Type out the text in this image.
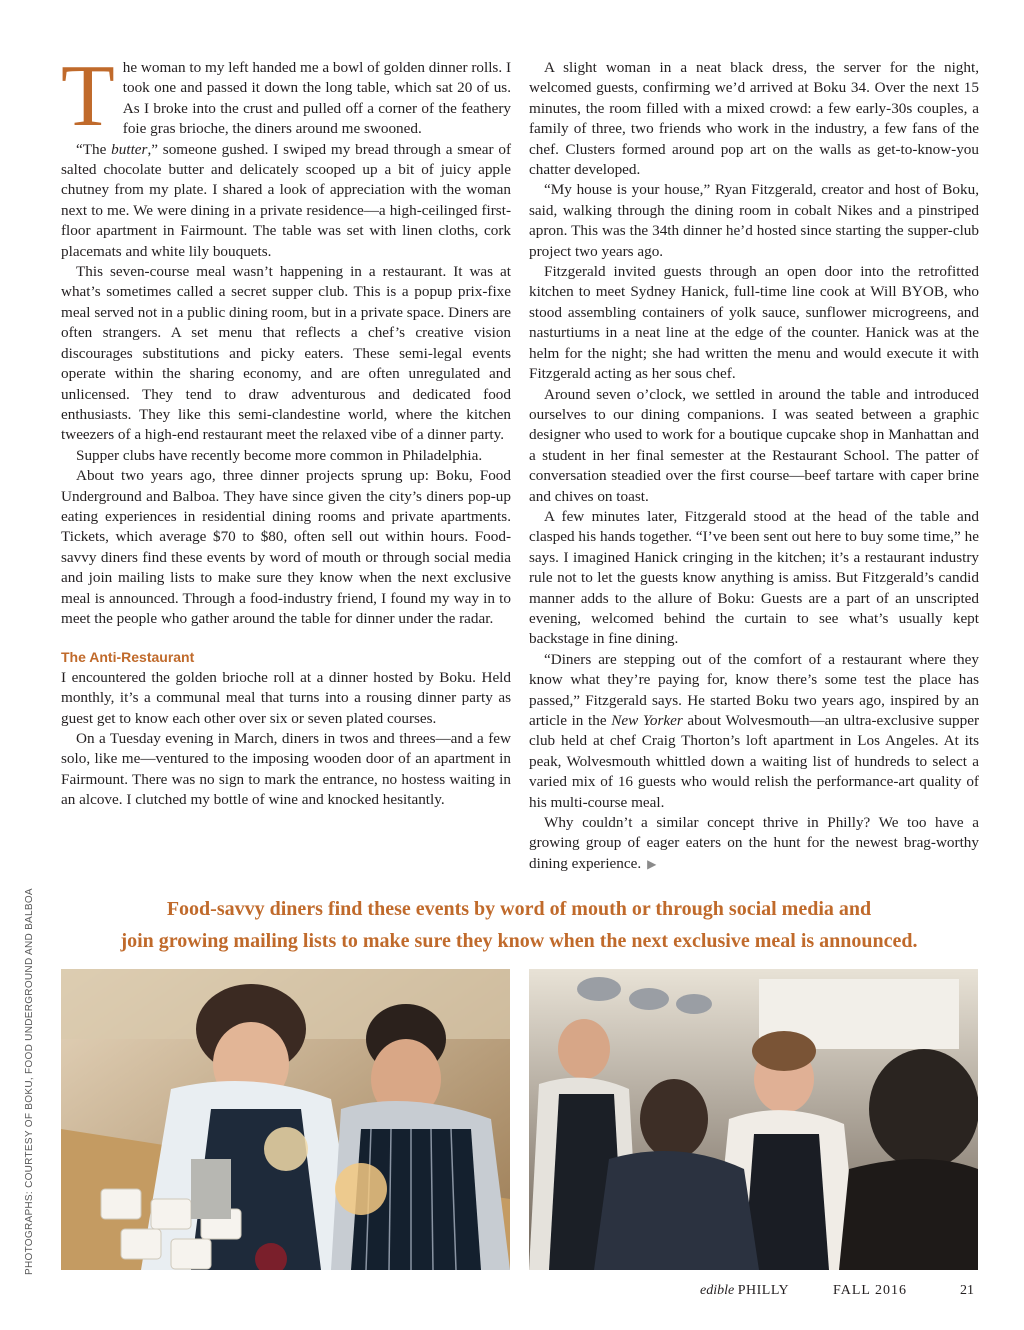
The woman to my left handed me a bowl of golden dinner rolls. I took one and passed it down the long table, which sat 20 of us. As I broke into the crust and pulled off a corner of the feathery foie gras brioche, the diners around me swooned.

“The butter,” someone gushed. I swiped my bread through a smear of salted chocolate butter and delicately scooped up a bit of juicy apple chutney from my plate. I shared a look of appreciation with the woman next to me. We were dining in a private residence—a high-ceilinged first-floor apartment in Fairmount. The table was set with linen cloths, cork placemats and white lily bouquets.

This seven-course meal wasn’t happening in a restaurant. It was at what’s sometimes called a secret supper club. This is a popup prix-fixe meal served not in a public dining room, but in a private space. Diners are often strangers. A set menu that reflects a chef’s creative vision discourages substitutions and picky eaters. These semi-legal events operate within the sharing economy, and are often unregulated and unlicensed. They tend to draw adventurous and dedicated food enthusiasts. They like this semi-clandestine world, where the kitchen tweezers of a high-end restaurant meet the relaxed vibe of a dinner party.

Supper clubs have recently become more common in Philadelphia.

About two years ago, three dinner projects sprung up: Boku, Food Underground and Balboa. They have since given the city’s diners pop-up eating experiences in residential dining rooms and private apartments. Tickets, which average $70 to $80, often sell out within hours. Food-savvy diners find these events by word of mouth or through social media and join mailing lists to make sure they know when the next exclusive meal is announced. Through a food-industry friend, I found my way in to meet the people who gather around the table for dinner under the radar.

The Anti-Restaurant

I encountered the golden brioche roll at a dinner hosted by Boku. Held monthly, it’s a communal meal that turns into a rousing dinner party as guest get to know each other over six or seven plated courses.

On a Tuesday evening in March, diners in twos and threes—and a few solo, like me—ventured to the imposing wooden door of an apartment in Fairmount. There was no sign to mark the entrance, no hostess waiting in an alcove. I clutched my bottle of wine and knocked hesitantly.

A slight woman in a neat black dress, the server for the night, welcomed guests, confirming we’d arrived at Boku 34. Over the next 15 minutes, the room filled with a mixed crowd: a few early-30s couples, a family of three, two friends who work in the industry, a few fans of the chef. Clusters formed around pop art on the walls as get-to-know-you chatter developed.

“My house is your house,” Ryan Fitzgerald, creator and host of Boku, said, walking through the dining room in cobalt Nikes and a pinstriped apron. This was the 34th dinner he’d hosted since starting the supper-club project two years ago.

Fitzgerald invited guests through an open door into the retrofitted kitchen to meet Sydney Hanick, full-time line cook at Will BYOB, who stood assembling containers of yolk sauce, sunflower microgreens, and nasturtiums in a neat line at the edge of the counter. Hanick was at the helm for the night; she had written the menu and would execute it with Fitzgerald acting as her sous chef.

Around seven o’clock, we settled in around the table and introduced ourselves to our dining companions. I was seated between a graphic designer who used to work for a boutique cupcake shop in Manhattan and a student in her final semester at the Restaurant School. The patter of conversation steadied over the first course—beef tartare with caper brine and chives on toast.

A few minutes later, Fitzgerald stood at the head of the table and clasped his hands together. “I’ve been sent out here to buy some time,” he says. I imagined Hanick cringing in the kitchen; it’s a restaurant industry rule not to let the guests know anything is amiss. But Fitzgerald’s candid manner adds to the allure of Boku: Guests are a part of an unscripted evening, welcomed behind the curtain to see what’s usually kept backstage in fine dining.

“Diners are stepping out of the comfort of a restaurant where they know what they’re paying for, know there’s some test the place has passed,” Fitzgerald says. He started Boku two years ago, inspired by an article in the New Yorker about Wolvesmouth—an ultra-exclusive supper club held at chef Craig Thorton’s loft apartment in Los Angeles. At its peak, Wolvesmouth whittled down a waiting list of hundreds to select a varied mix of 16 guests who would relish the performance-art quality of his multi-course meal.

Why couldn’t a similar concept thrive in Philly? We too have a growing group of eager eaters on the hunt for the newest brag-worthy dining experience. ▶

Food-savvy diners find these events by word of mouth or through social media and
join growing mailing lists to make sure they know when the next exclusive meal is announced.
PHOTOGRAPHS: COURTESY OF BOKU, FOOD UNDERGROUND AND BALBOA
edible PHILLY	FALL 2016	21
